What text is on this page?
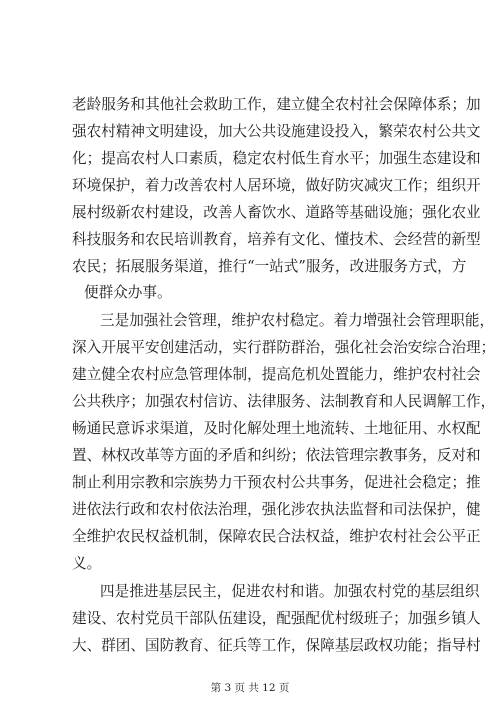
老龄服务和其他社会救助工作，建立健全农村社会保障体系；加
强农村精神文明建设，加大公共设施建设投入，繁荣农村公共文
化；提高农村人口素质，稳定农村低生育水平；加强生态建设和
环境保护，着力改善农村人居环境，做好防灾减灾工作；组织开
展村级新农村建设，改善人畜饮水、道路等基础设施；强化农业
科技服务和农民培训教育，培养有文化、懂技术、会经营的新型
农民；拓展服务渠道，推行“一站式”服务，改进服务方式，方
便群众办事。
三是加强社会管理，维护农村稳定。着力增强社会管理职能，
深入开展平安创建活动，实行群防群治，强化社会治安综合治理；
建立健全农村应急管理体制，提高危机处置能力，维护农村社会
公共秩序；加强农村信访、法律服务、法制教育和人民调解工作，
畅通民意诉求渠道，及时化解处理土地流转、土地征用、水权配
置、林权改革等方面的矛盾和纠纷；依法管理宗教事务，反对和
制止利用宗教和宗族势力干预农村公共事务，促进社会稳定；推
进依法行政和农村依法治理，强化涉农执法监督和司法保护，健
全维护农民权益机制，保障农民合法权益，维护农村社会公平正
义。
四是推进基层民主，促进农村和谐。加强农村党的基层组织
建设、农村党员干部队伍建设，配强配优村级班子；加强乡镇人
大、群团、国防教育、征兵等工作，保障基层政权功能；指导村
第 3 页 共 12 页
